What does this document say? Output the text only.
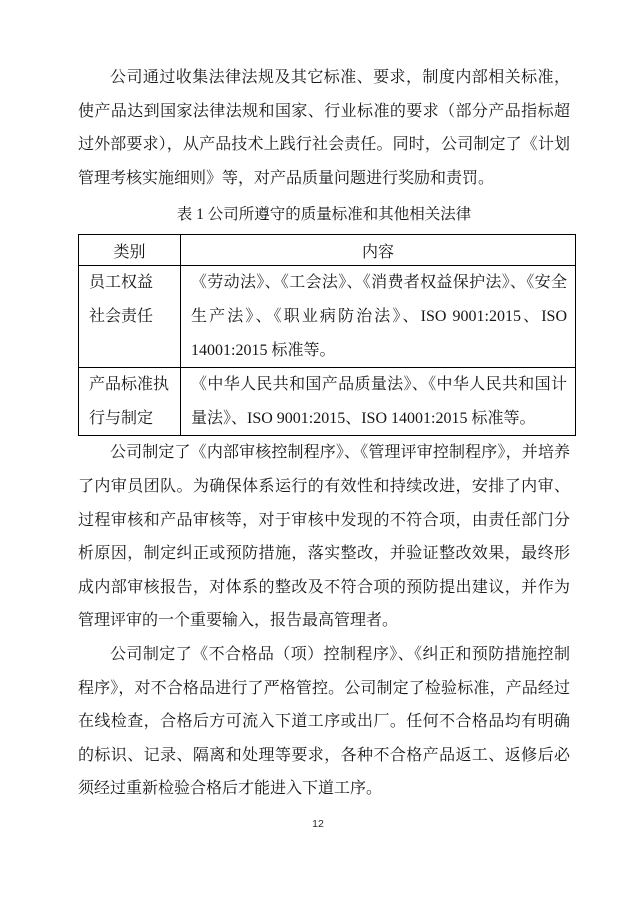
公司通过收集法律法规及其它标准、要求，制度内部相关标准，使产品达到国家法律法规和国家、行业标准的要求（部分产品指标超过外部要求），从产品技术上践行社会责任。同时，公司制定了《计划管理考核实施细则》等，对产品质量问题进行奖励和责罚。

表 1 公司所遵守的质量标准和其他相关法律
类别	内容

员工权益
社会责任	《劳动法》、《工会法》、《消费者权益保护法》、《安全生产法》、《职业病防治法》、ISO 9001:2015、ISO 14001:2015 标准等。

产品标准执
行与制定	《中华人民共和国产品质量法》、《中华人民共和国计量法》、ISO 9001:2015、ISO 14001:2015 标准等。

公司制定了《内部审核控制程序》、《管理评审控制程序》，并培养了内审员团队。为确保体系运行的有效性和持续改进，安排了内审、过程审核和产品审核等，对于审核中发现的不符合项，由责任部门分析原因，制定纠正或预防措施，落实整改，并验证整改效果，最终形成内部审核报告，对体系的整改及不符合项的预防提出建议，并作为管理评审的一个重要输入，报告最高管理者。

公司制定了《不合格品（项）控制程序》、《纠正和预防措施控制程序》，对不合格品进行了严格管控。公司制定了检验标准，产品经过在线检查，合格后方可流入下道工序或出厂。任何不合格品均有明确的标识、记录、隔离和处理等要求，各种不合格产品返工、返修后必须经过重新检验合格后才能进入下道工序。

12
